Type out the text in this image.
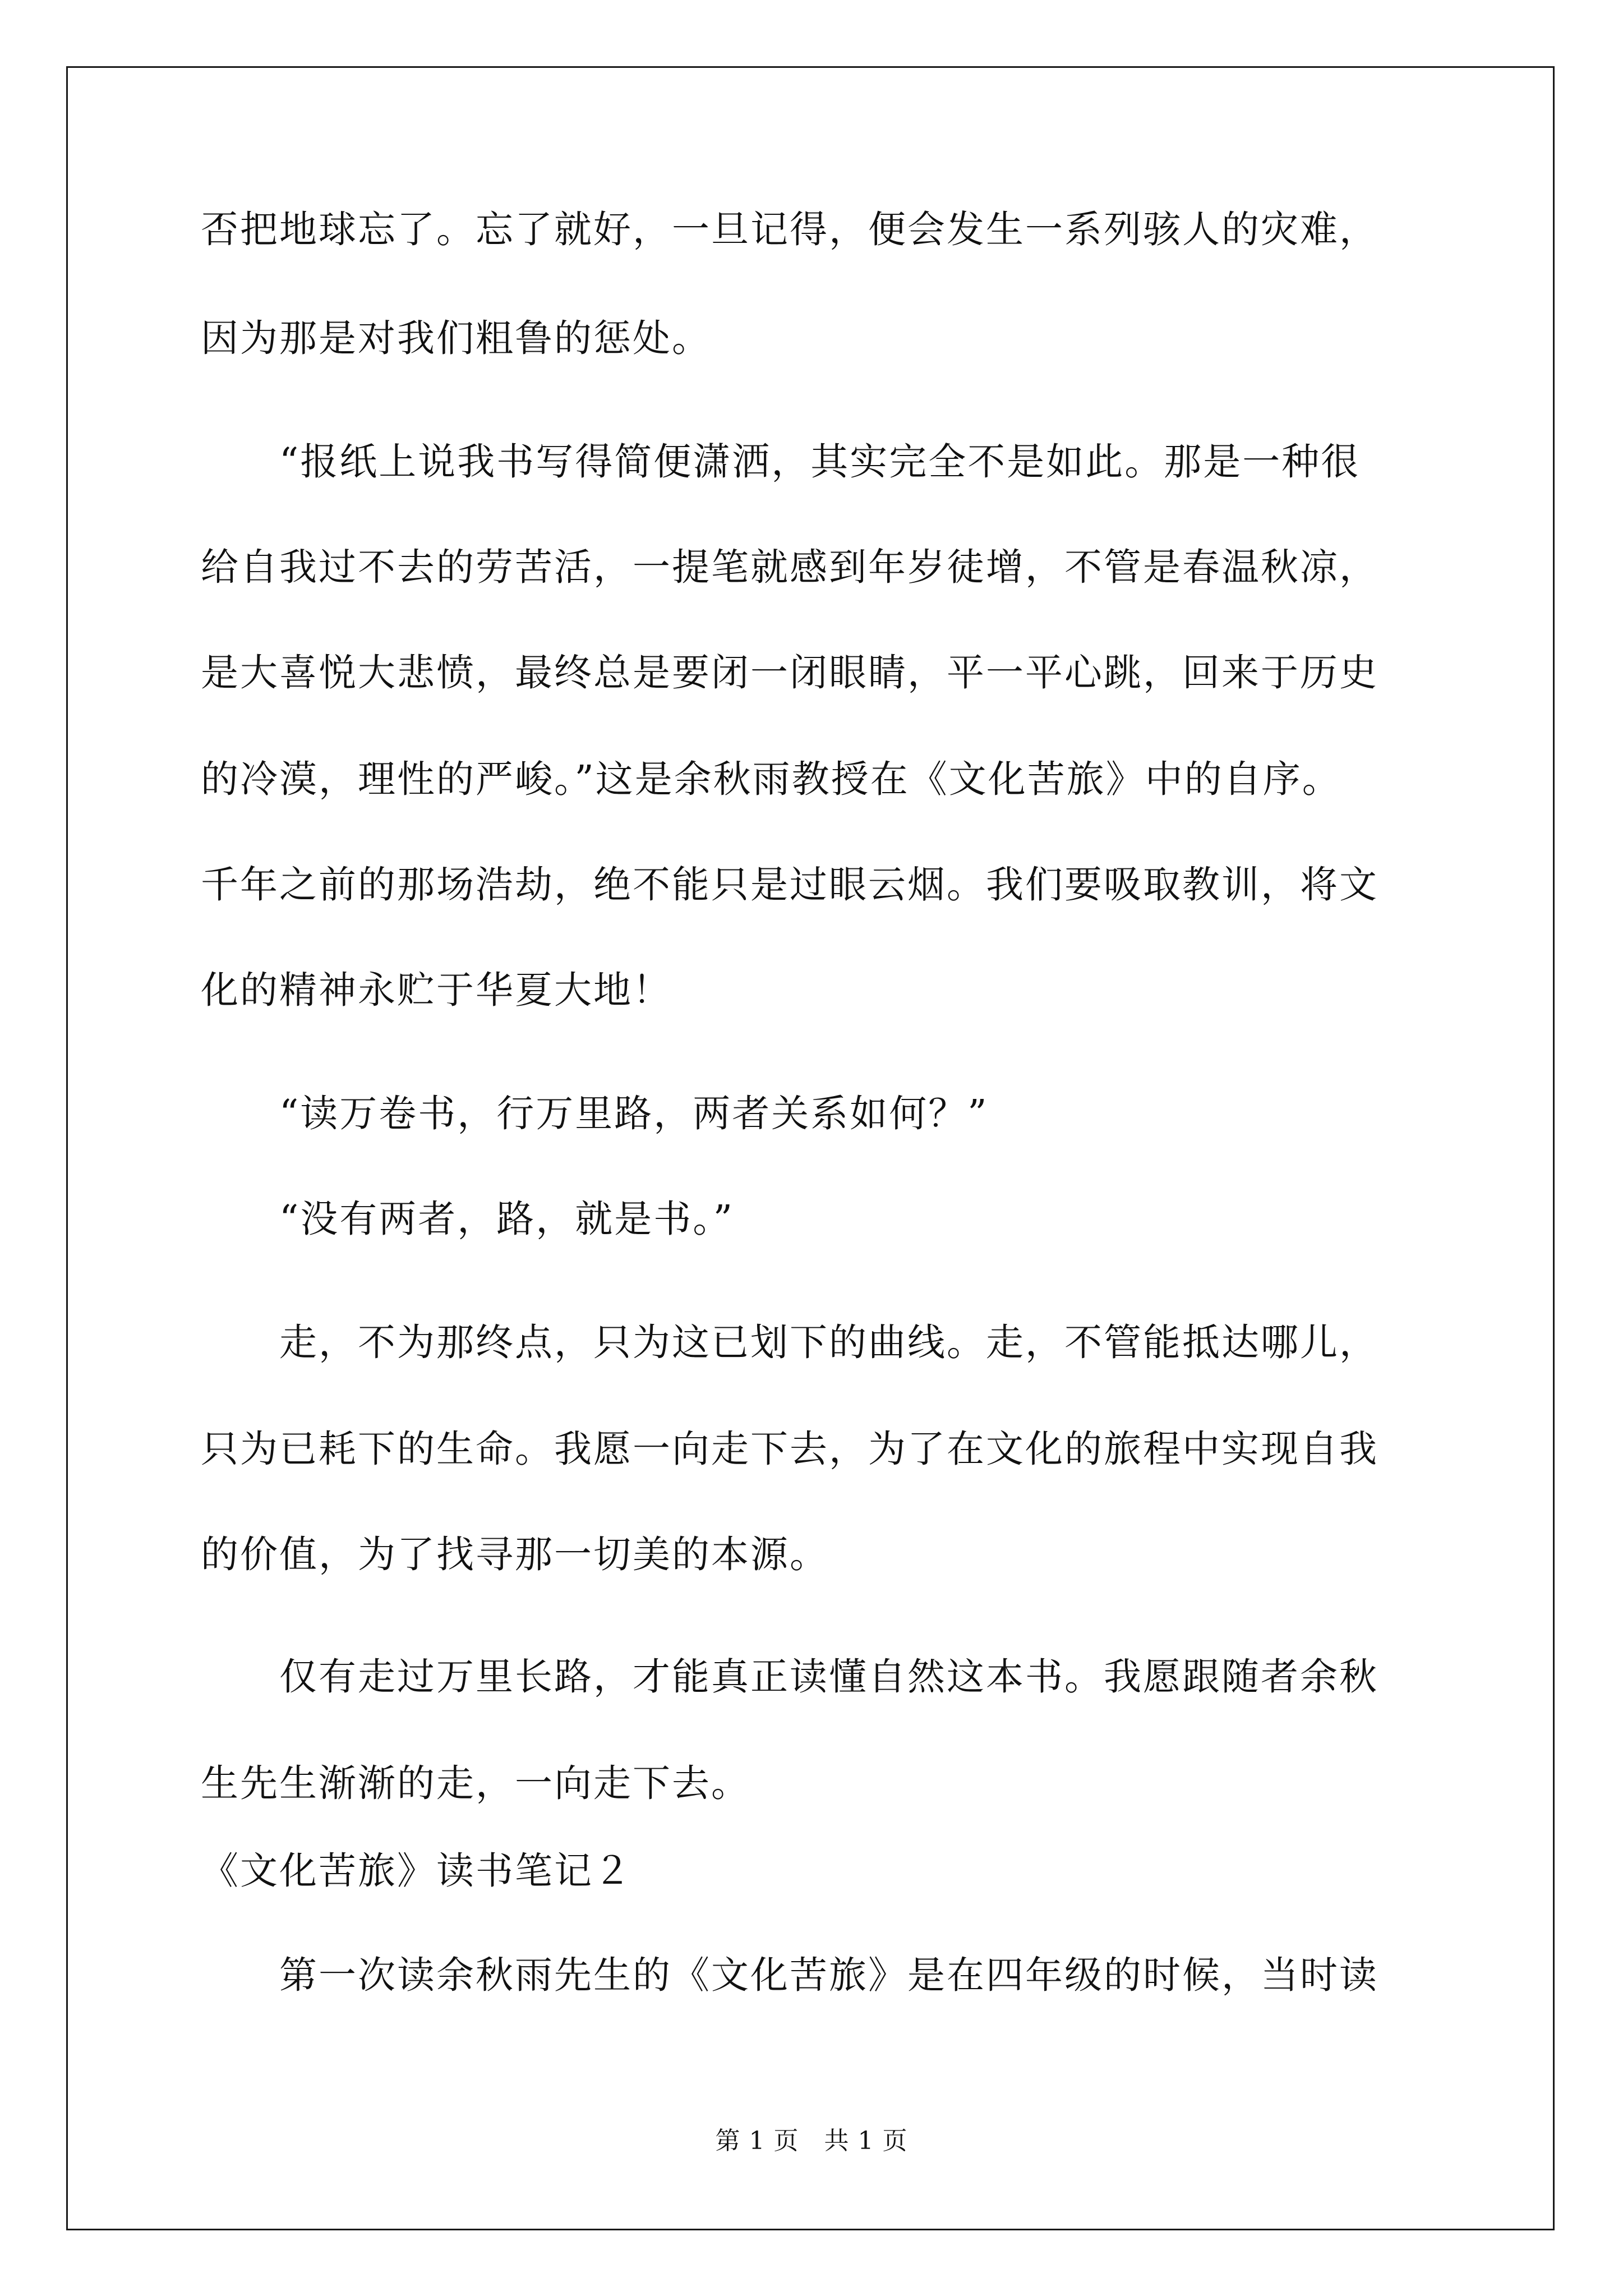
否把地球忘了。忘了就好，一旦记得，便会发生一系列骇人的灾难，
因为那是对我们粗鲁的惩处。
　　“报纸上说我书写得简便潇洒，其实完全不是如此。那是一种很
给自我过不去的劳苦活，一提笔就感到年岁徒增，不管是春温秋凉，
是大喜悦大悲愤，最终总是要闭一闭眼睛，平一平心跳，回来于历史
的冷漠，理性的严峻。”这是余秋雨教授在《文化苦旅》中的自序。
千年之前的那场浩劫，绝不能只是过眼云烟。我们要吸取教训，将文
化的精神永贮于华夏大地！
　　“读万卷书，行万里路，两者关系如何？”
　　“没有两者，路，就是书。”
　　走，不为那终点，只为这已划下的曲线。走，不管能抵达哪儿，
只为已耗下的生命。我愿一向走下去，为了在文化的旅程中实现自我
的价值，为了找寻那一切美的本源。
　　仅有走过万里长路，才能真正读懂自然这本书。我愿跟随者余秋
生先生渐渐的走，一向走下去。
《文化苦旅》读书笔记２
　　第一次读余秋雨先生的《文化苦旅》是在四年级的时候，当时读
第 1 页　共 1 页
